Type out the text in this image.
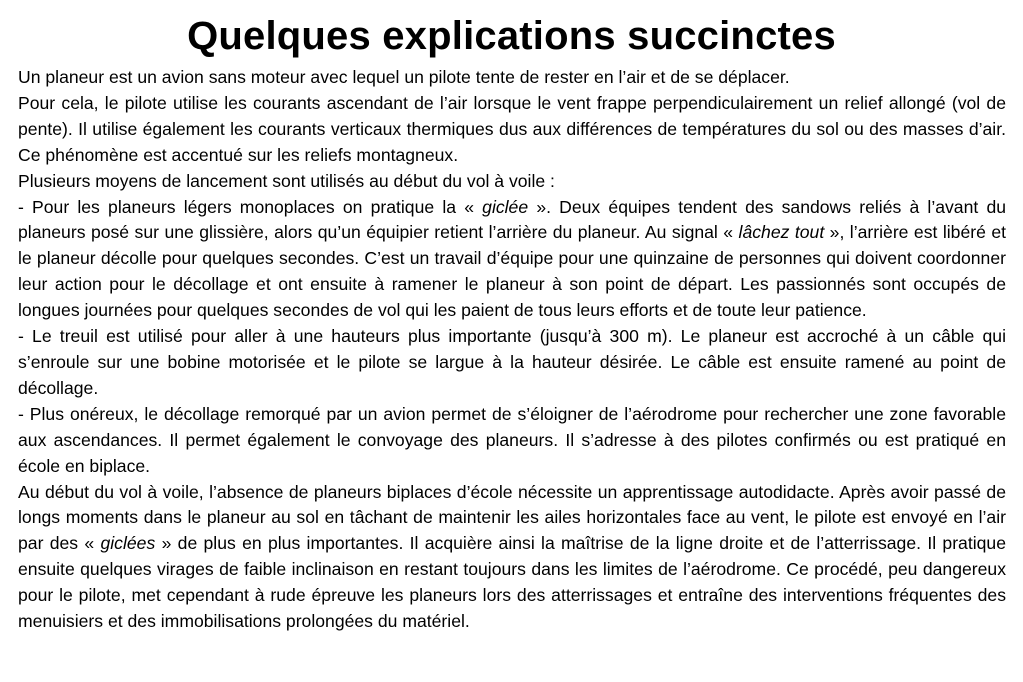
Quelques explications succinctes

Un planeur est un avion sans moteur avec lequel un pilote tente de rester en l’air et de se déplacer.

Pour cela, le pilote utilise les courants ascendant de l’air lorsque le vent frappe perpendiculairement un relief allongé (vol de pente). Il utilise également les courants verticaux thermiques dus aux différences de températures du sol ou des masses d’air. Ce phénomène est accentué sur les reliefs montagneux.

Plusieurs moyens de lancement sont utilisés au début du vol à voile :

- Pour les planeurs légers monoplaces on pratique la « giclée ». Deux équipes tendent des sandows reliés à l’avant du planeurs posé sur une glissière, alors qu’un équipier retient l’arrière du planeur. Au signal « lâchez tout », l’arrière est libéré et le planeur décolle pour quelques secondes. C’est un travail d’équipe pour une quinzaine de personnes qui doivent coordonner leur action pour le décollage et ont ensuite à ramener le planeur à son point de départ. Les passionnés sont occupés de longues journées pour quelques secondes de vol qui les paient de tous leurs efforts et de toute leur patience.

- Le treuil est utilisé pour aller à une hauteurs plus importante (jusqu’à 300 m). Le planeur est accroché à un câble qui s’enroule sur une bobine motorisée et le pilote se largue à la hauteur désirée. Le câble est ensuite ramené au point de décollage.

- Plus onéreux, le décollage remorqué par un avion permet de s’éloigner de l’aérodrome pour rechercher une zone favorable aux ascendances. Il permet également le convoyage des planeurs. Il s’adresse à des pilotes confirmés ou est pratiqué en école en biplace.

Au début du vol à voile, l’absence de planeurs biplaces d’école nécessite un apprentissage autodidacte. Après avoir passé de longs moments dans le planeur au sol en tâchant de maintenir les ailes horizontales face au vent, le pilote est envoyé en l’air par des « giclées » de plus en plus importantes. Il acquière ainsi la maîtrise de la ligne droite et de l’atterrissage. Il pratique ensuite quelques virages de faible inclinaison en restant toujours dans les limites de l’aérodrome. Ce procédé, peu dangereux pour le pilote, met cependant à rude épreuve les planeurs lors des atterrissages et entraîne des interventions fréquentes des menuisiers et des immobilisations prolongées du matériel.
